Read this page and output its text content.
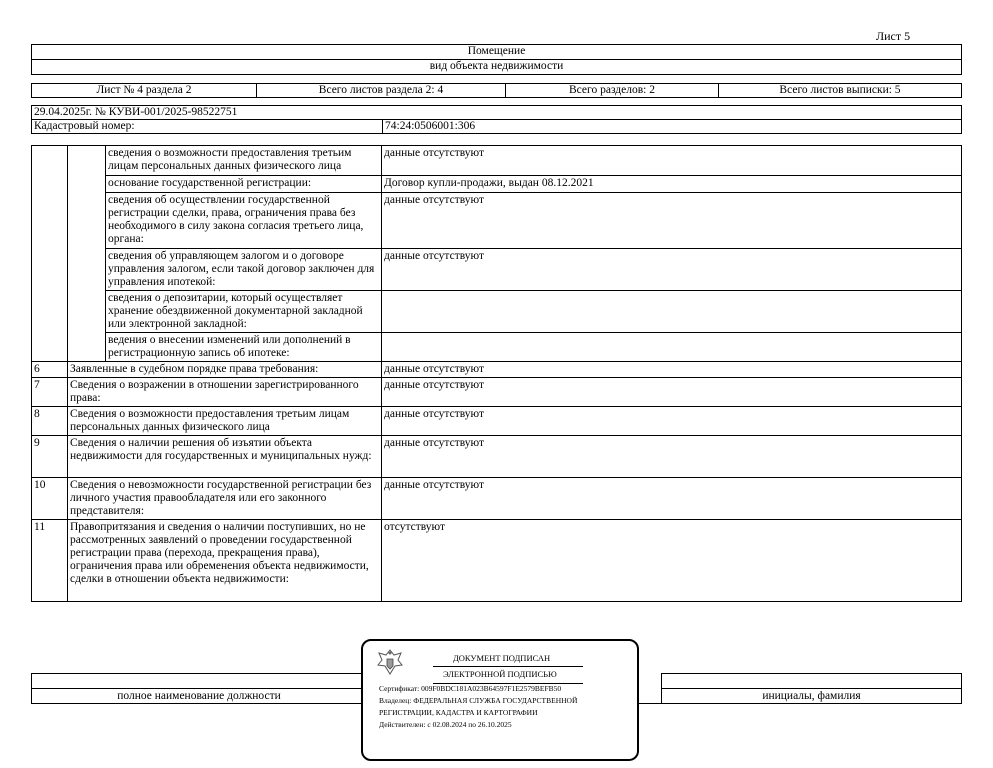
Лист 5
Помещение
вид объекта недвижимости
Лист № 4 раздела 2	Всего листов раздела 2: 4	Всего разделов: 2	Всего листов выписки: 5
29.04.2025г. № КУВИ-001/2025-98522751
Кадастровый номер:	74:24:0506001:306
		сведения о возможности предоставления третьим лицам персональных данных физического лица	данные отсутствуют
		основание государственной регистрации:	Договор купли-продажи, выдан 08.12.2021
		сведения об осуществлении государственной регистрации сделки, права, ограничения права без необходимого в силу закона согласия третьего лица, органа:	данные отсутствуют
		сведения об управляющем залогом и о договоре управления залогом, если такой договор заключен для управления ипотекой:	данные отсутствуют
		сведения о депозитарии, который осуществляет хранение обездвиженной документарной закладной или электронной закладной:	
		ведения о внесении изменений или дополнений в регистрационную запись об ипотеке:	
6	Заявленные в судебном порядке права требования:		данные отсутствуют
7	Сведения о возражении в отношении зарегистрированного права:		данные отсутствуют
8	Сведения о возможности предоставления третьим лицам персональных данных физического лица		данные отсутствуют
9	Сведения о наличии решения об изъятии объекта недвижимости для государственных и муниципальных нужд:		данные отсутствуют
10	Сведения о невозможности государственной регистрации без личного участия правообладателя или его законного представителя:		данные отсутствуют
11	Правопритязания и сведения о наличии поступивших, но не рассмотренных заявлений о проведении государственной регистрации права (перехода, прекращения права), ограничения права или обременения объекта недвижимости, сделки в отношении объекта недвижимости:		отсутствуют

полное наименование должности		инициалы, фамилия
ДОКУМЕНТ ПОДПИСАН
ЭЛЕКТРОННОЙ ПОДПИСЬЮ
Сертификат: 009F0BDC181A023B64597F1E2579BEFB50
Владелец: ФЕДЕРАЛЬНАЯ СЛУЖБА ГОСУДАРСТВЕННОЙ
РЕГИСТРАЦИИ, КАДАСТРА И КАРТОГРАФИИ
Действителен: с 02.08.2024 по 26.10.2025
